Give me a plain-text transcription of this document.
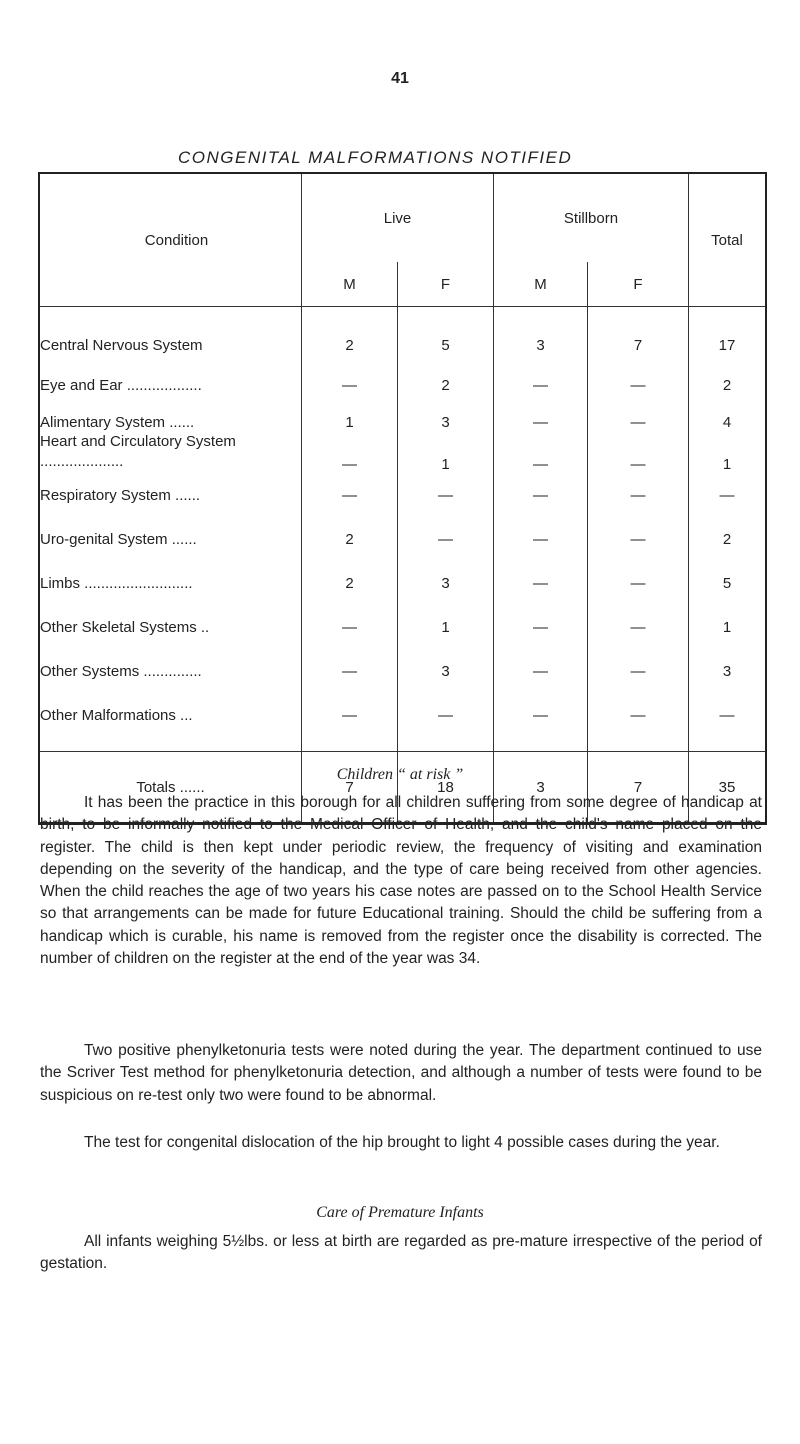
41
CONGENITAL MALFORMATIONS NOTIFIED
Condition	Live		Stillborn		Total
	M	F	M	F	

Central Nervous System	2	5	3	7	17
Eye and Ear ..................	—	2	—	—	2
Alimentary System ......	1	3	—	—	4
Heart and Circulatory System ....................	—	1	—	—	1
Respiratory System ......	—	—	—	—	—
Uro-genital System ......	2	—	—	—	2
Limbs ..........................	2	3	—	—	5
Other Skeletal Systems ..	—	1	—	—	1
Other Systems ..............	—	3	—	—	3
Other Malformations ...	—	—	—	—	—
Totals ......	7	18	3	7	35
Children “ at risk ”
It has been the practice in this borough for all children suffering from some degree of handicap at birth, to be informally notified to the Medical Officer of Health, and the child's name placed on the register. The child is then kept under periodic review, the frequency of visiting and examination depending on the severity of the handicap, and the type of care being received from other agencies. When the child reaches the age of two years his case notes are passed on to the School Health Service so that arrangements can be made for future Educational training. Should the child be suffering from a handicap which is curable, his name is removed from the register once the disability is corrected. The number of children on the register at the end of the year was 34.
Two positive phenylketonuria tests were noted during the year. The department continued to use the Scriver Test method for phenylketonuria detection, and although a number of tests were found to be suspicious on re-test only two were found to be abnormal.
The test for congenital dislocation of the hip brought to light 4 possible cases during the year.
Care of Premature Infants
All infants weighing 5½lbs. or less at birth are regarded as pre-mature irrespective of the period of gestation.
